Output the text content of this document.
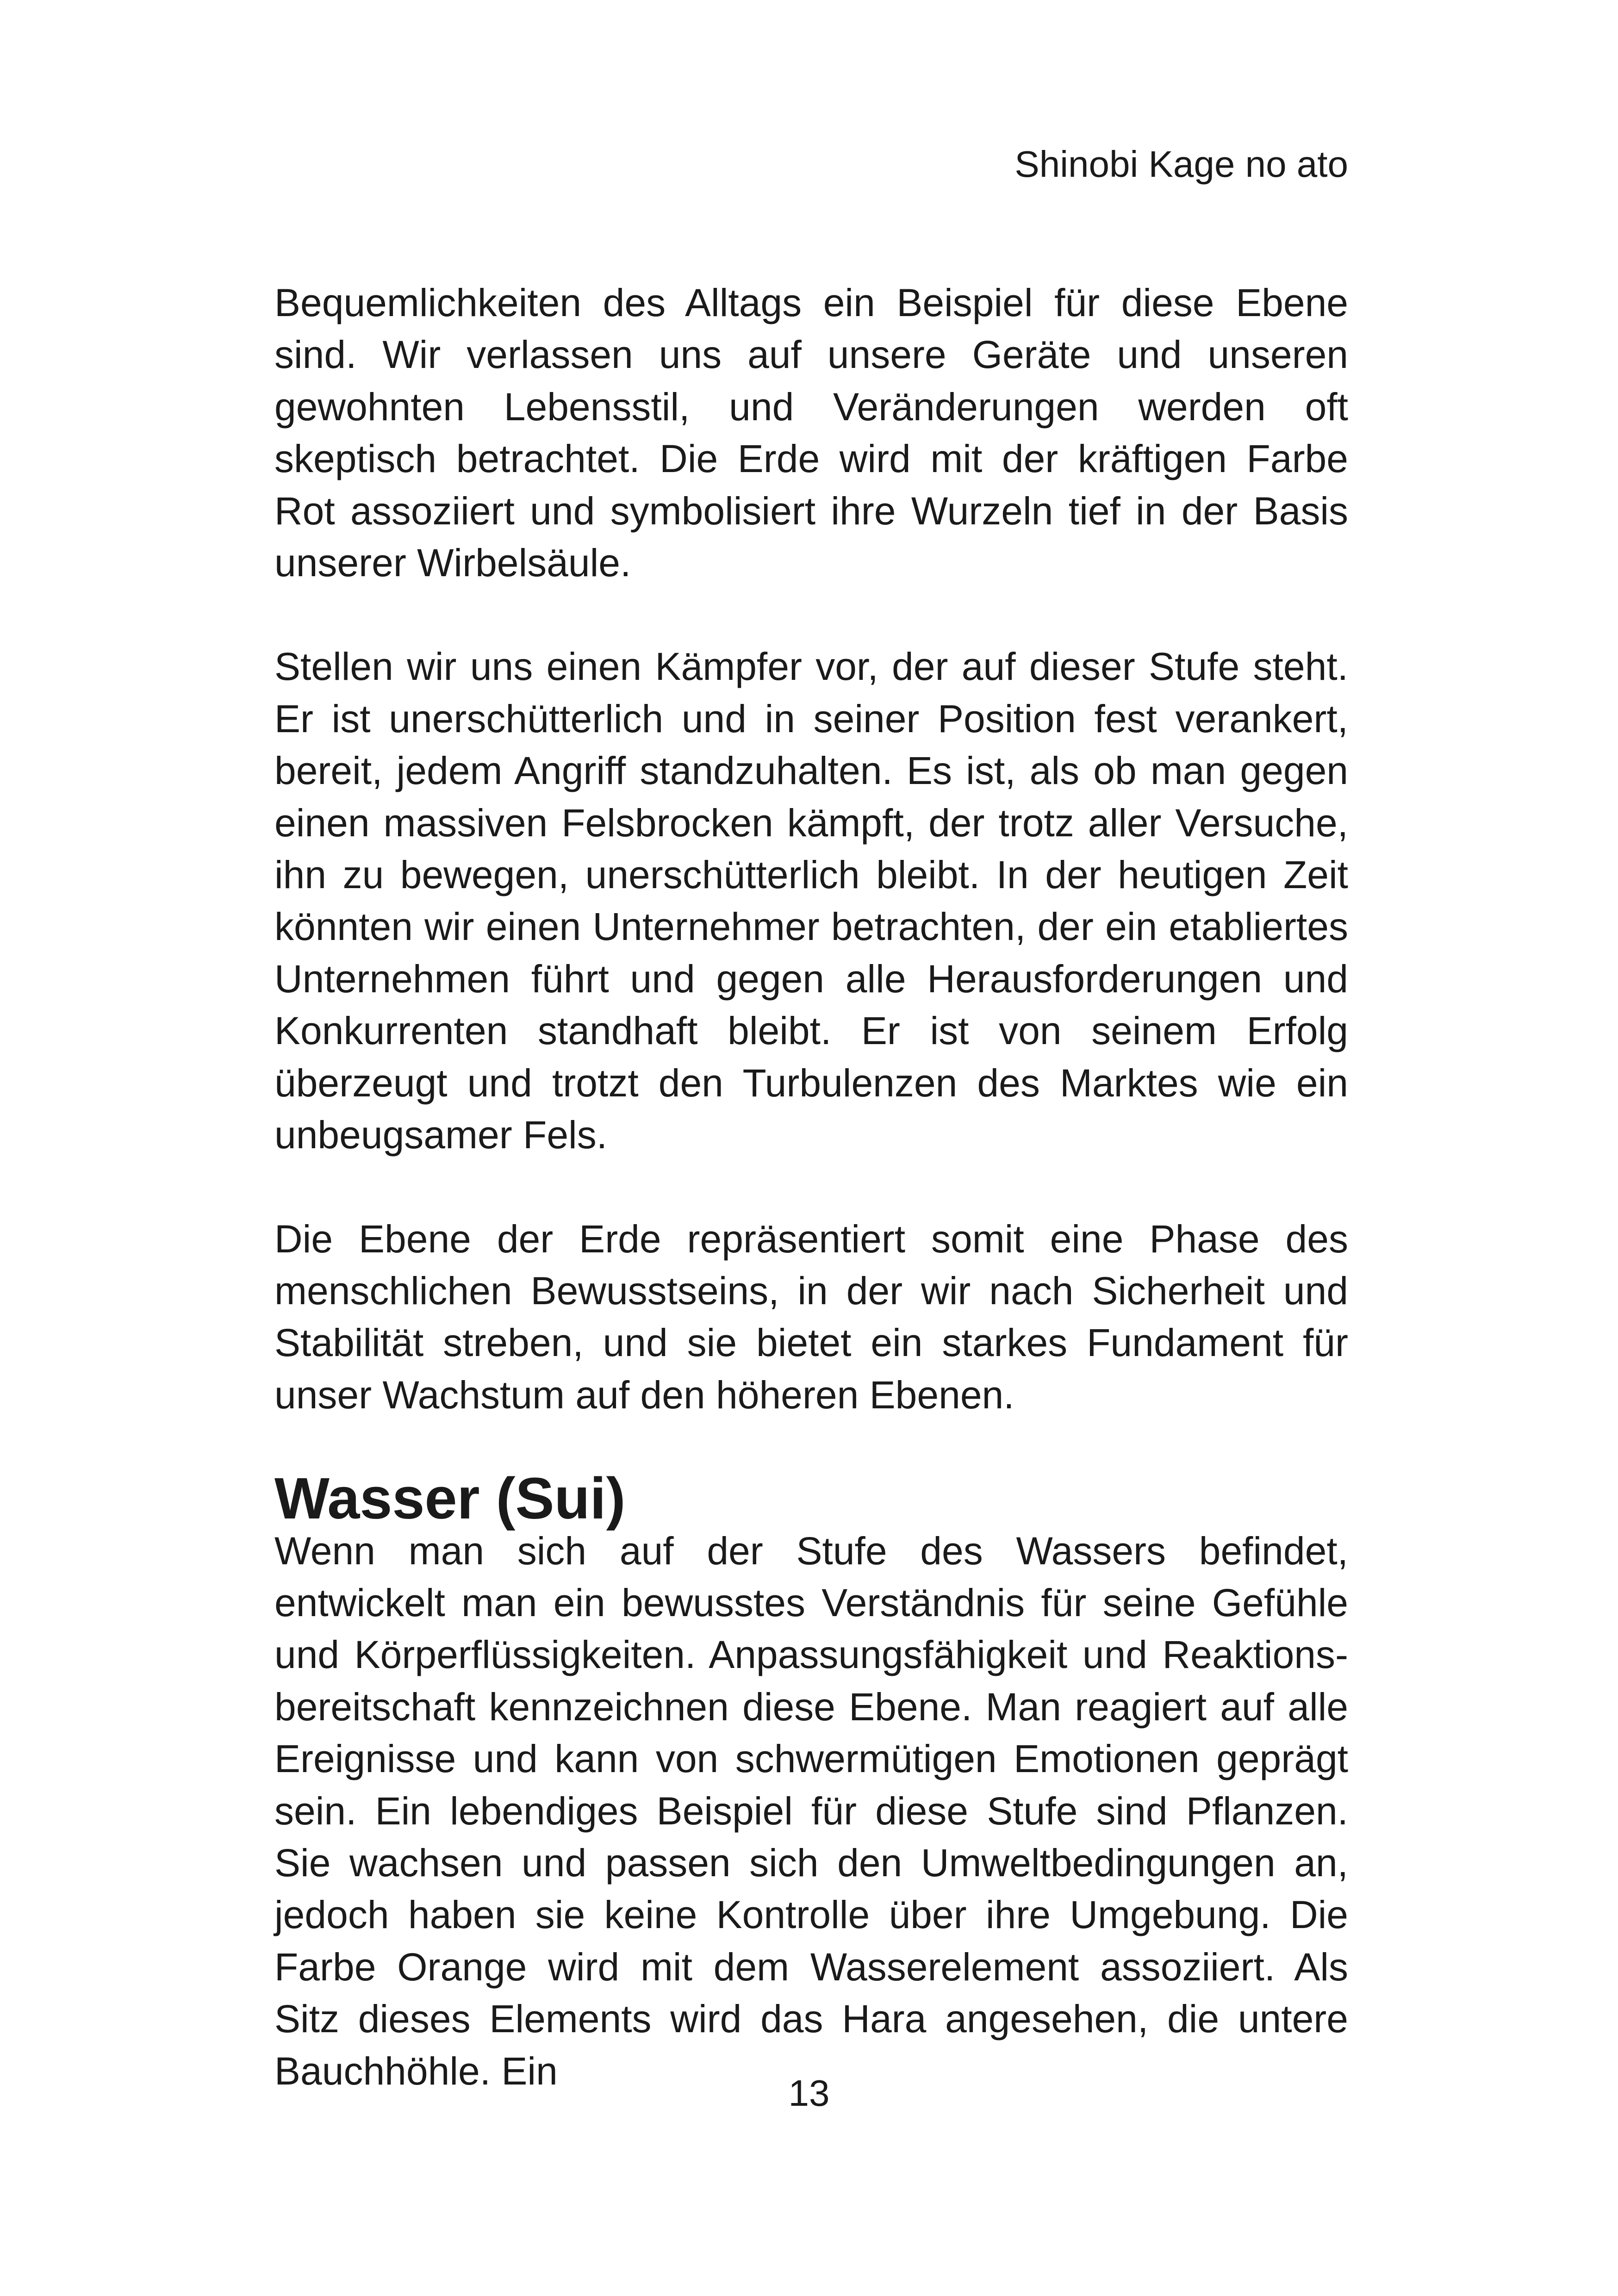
Shinobi Kage no ato

Bequemlichkeiten des Alltags ein Beispiel für diese Ebene sind. Wir verlassen uns auf unsere Geräte und unseren gewohnten Lebensstil, und Veränderungen werden oft skeptisch betrachtet. Die Erde wird mit der kräftigen Farbe Rot assoziiert und symbolisiert ihre Wurzeln tief in der Basis unserer Wirbelsäule.

Stellen wir uns einen Kämpfer vor, der auf dieser Stufe steht. Er ist unerschütterlich und in seiner Position fest verankert, bereit, jedem Angriff standzuhalten. Es ist, als ob man gegen einen massiven Felsbrocken kämpft, der trotz aller Versuche, ihn zu bewegen, unerschütterlich bleibt. In der heutigen Zeit könnten wir einen Unternehmer betrachten, der ein etabliertes Unternehmen führt und gegen alle Herausforderungen und Konkurrenten standhaft bleibt. Er ist von seinem Erfolg überzeugt und trotzt den Turbulenzen des Marktes wie ein unbeugsamer Fels.

Die Ebene der Erde repräsentiert somit eine Phase des menschlichen Bewusstseins, in der wir nach Sicherheit und Stabilität streben, und sie bietet ein starkes Fundament für unser Wachstum auf den höheren Ebenen.

Wasser (Sui)

Wenn man sich auf der Stufe des Wassers befindet, entwickelt man ein bewusstes Verständnis für seine Gefühle und Körperflüssigkeiten. Anpassungsfähigkeit und Reaktions-​bereitschaft kennzeichnen diese Ebene. Man reagiert auf alle Ereignisse und kann von schwermütigen Emotionen geprägt sein. Ein lebendiges Beispiel für diese Stufe sind Pflanzen. Sie wachsen und passen sich den Umweltbedingungen an, jedoch haben sie keine Kontrolle über ihre Umgebung. Die Farbe Orange wird mit dem Wasserelement assoziiert. Als Sitz dieses Elements wird das Hara angesehen, die untere Bauchhöhle. Ein

13
